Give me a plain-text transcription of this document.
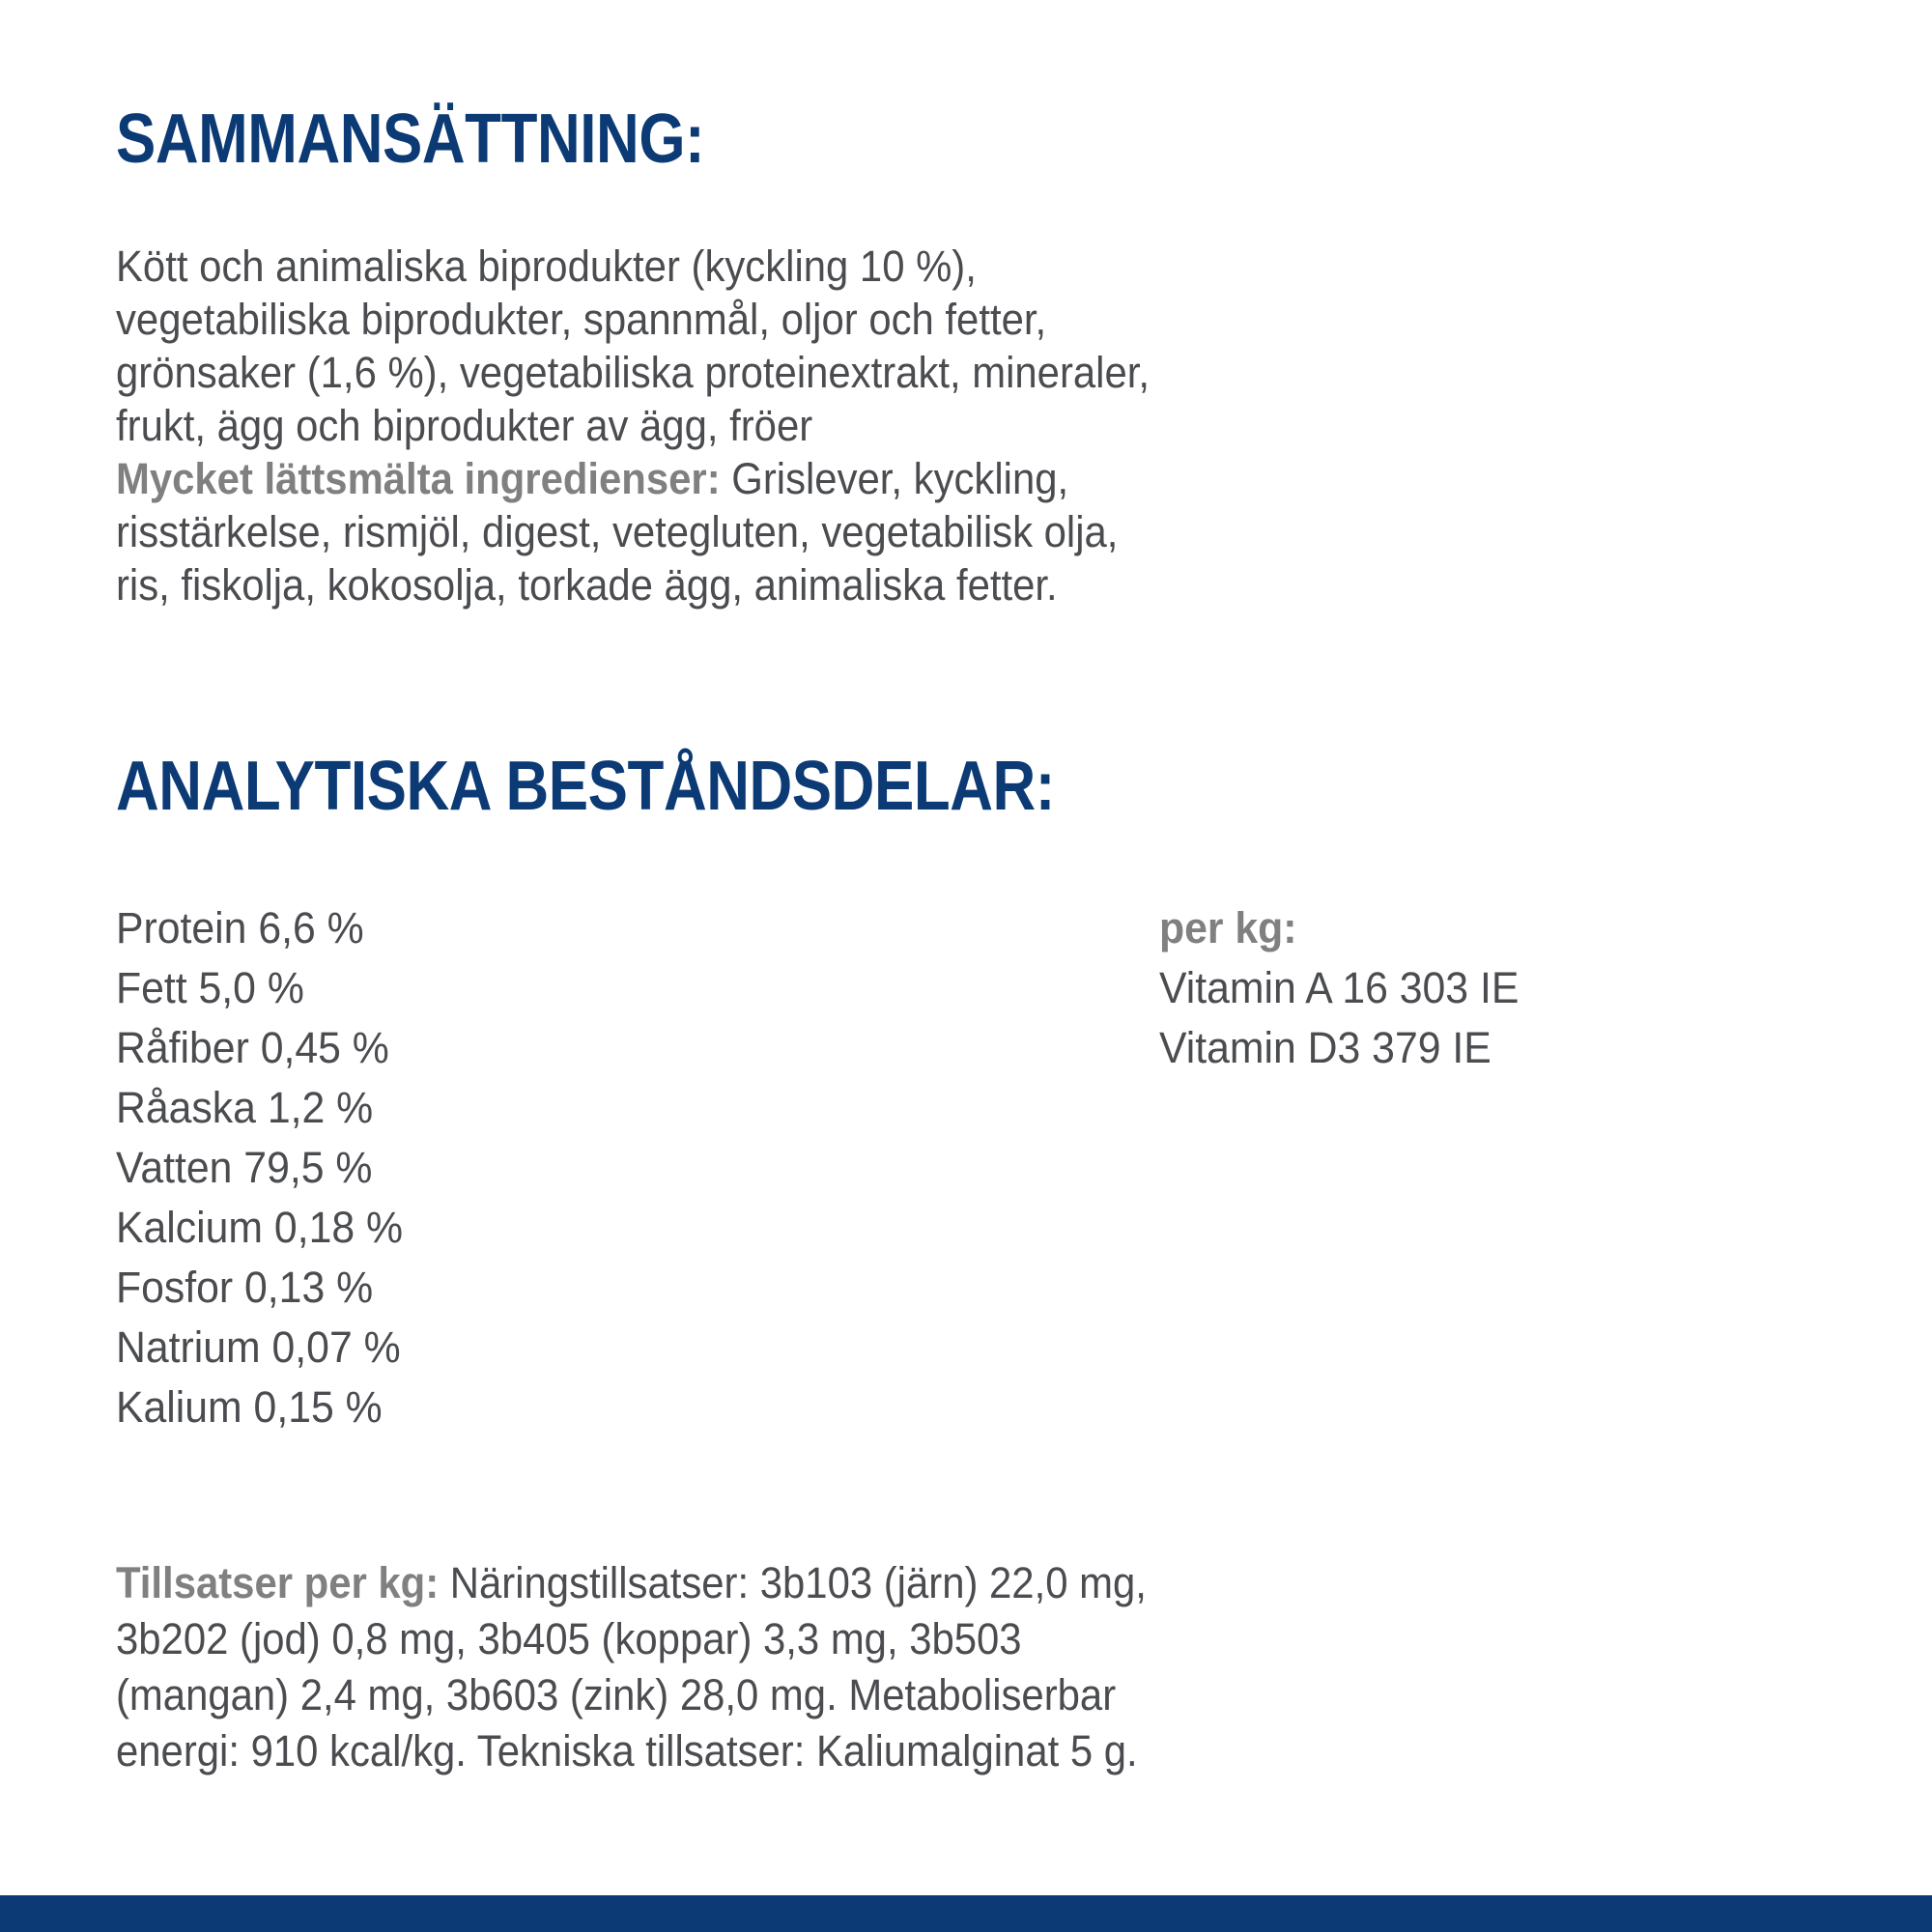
SAMMANSÄTTNING:
Kött och animaliska biprodukter (kyckling 10 %),
vegetabiliska biprodukter, spannmål, oljor och fetter,
grönsaker (1,6 %), vegetabiliska proteinextrakt, mineraler,
frukt, ägg och biprodukter av ägg, fröer
Mycket lättsmälta ingredienser: Grislever, kyckling,
risstärkelse, rismjöl, digest, vetegluten, vegetabilisk olja,
ris, fiskolja, kokosolja, torkade ägg, animaliska fetter.
ANALYTISKA BESTÅNDSDELAR:
Protein 6,6 %
Fett 5,0 %
Råfiber 0,45 %
Råaska 1,2 %
Vatten 79,5 %
Kalcium 0,18 %
Fosfor 0,13 %
Natrium 0,07 %
Kalium 0,15 %
per kg:
Vitamin A 16 303 IE
Vitamin D3 379 IE
Tillsatser per kg: Näringstillsatser: 3b103 (järn) 22,0 mg,
3b202 (jod) 0,8 mg, 3b405 (koppar) 3,3 mg, 3b503
(mangan) 2,4 mg, 3b603 (zink) 28,0 mg. Metaboliserbar
energi: 910 kcal/kg. Tekniska tillsatser: Kaliumalginat 5 g.
